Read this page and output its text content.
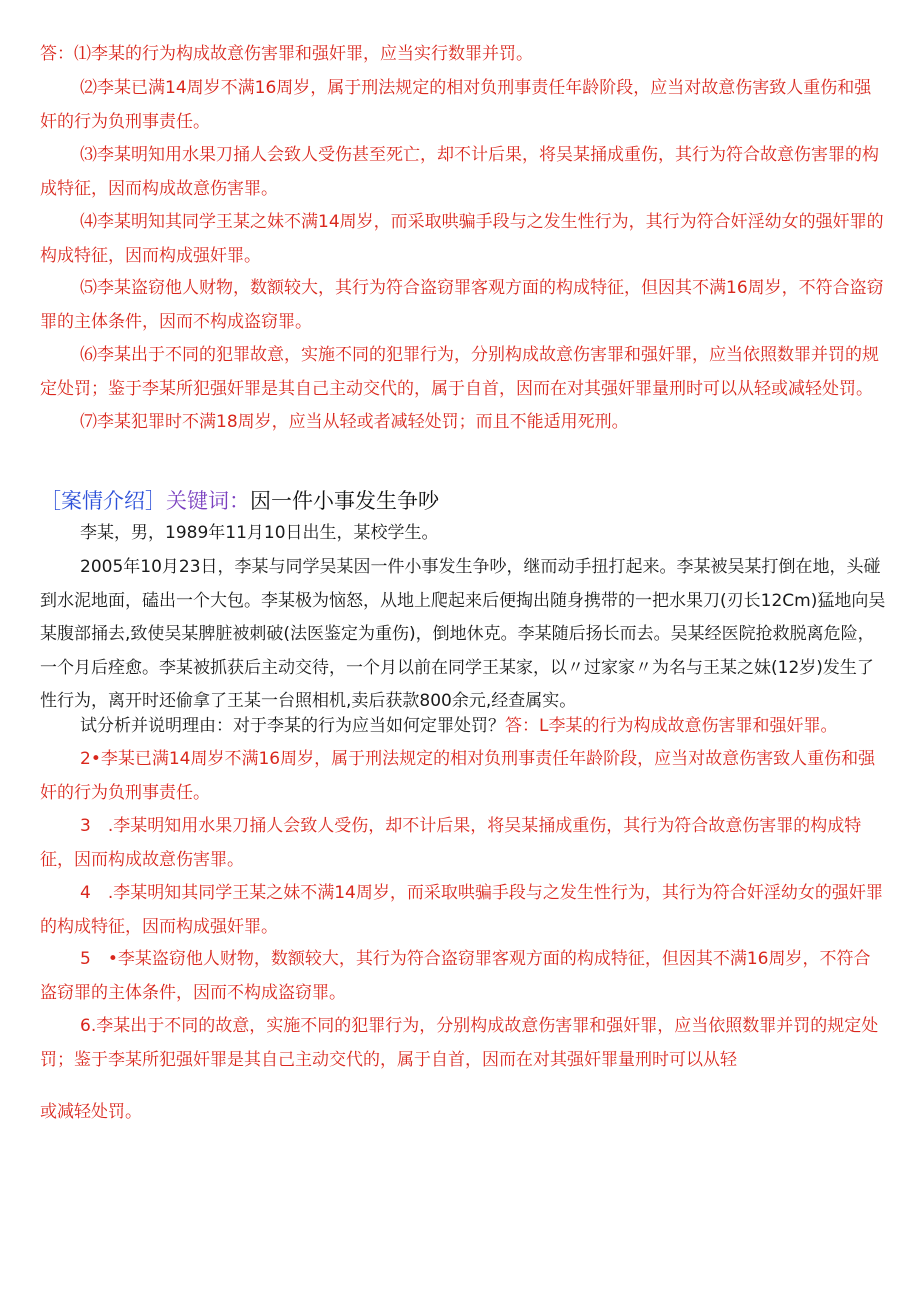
答：⑴李某的行为构成故意伤害罪和强奸罪，应当实行数罪并罚。

⑵李某已满14周岁不满16周岁，属于刑法规定的相对负刑事责任年龄阶段，应当对故意伤害致人重伤和强奸的行为负刑事责任。

⑶李某明知用水果刀捅人会致人受伤甚至死亡，却不计后果，将吴某捅成重伤，其行为符合故意伤害罪的构成特征，因而构成故意伤害罪。

⑷李某明知其同学王某之妹不满14周岁，而采取哄骗手段与之发生性行为，其行为符合奸淫幼女的强奸罪的构成特征，因而构成强奸罪。

⑸李某盗窃他人财物，数额较大，其行为符合盗窃罪客观方面的构成特征，但因其不满16周岁，不符合盗窃罪的主体条件，因而不构成盗窃罪。

⑹李某出于不同的犯罪故意，实施不同的犯罪行为，分别构成故意伤害罪和强奸罪，应当依照数罪并罚的规定处罚；鉴于李某所犯强奸罪是其自己主动交代的，属于自首，因而在对其强奸罪量刑时可以从轻或减轻处罚。

⑺李某犯罪时不满18周岁，应当从轻或者减轻处罚；而且不能适用死刑。

［案情介绍］关键词：因一件小事发生争吵

李某，男，1989年11月10日出生，某校学生。

2005年10月23日，李某与同学吴某因一件小事发生争吵，继而动手扭打起来。李某被吴某打倒在地，头碰到水泥地面，磕出一个大包。李某极为恼怒，从地上爬起来后便掏出随身携带的一把水果刀(刃长12Cm)猛地向吴某腹部捅去,致使吴某脾脏被刺破(法医鉴定为重伤)，倒地休克。李某随后扬长而去。吴某经医院抢救脱离危险，一个月后痊愈。李某被抓获后主动交待，一个月以前在同学王某家，以〃过家家〃为名与王某之妹(12岁)发生了性行为，离开时还偷拿了王某一台照相机,卖后获款800余元,经查属实。

试分析并说明理由：对于李某的行为应当如何定罪处罚？答：L李某的行为构成故意伤害罪和强奸罪。

2•李某已满14周岁不满16周岁，属于刑法规定的相对负刑事责任年龄阶段，应当对故意伤害致人重伤和强奸的行为负刑事责任。

3　.李某明知用水果刀捅人会致人受伤，却不计后果，将吴某捅成重伤，其行为符合故意伤害罪的构成特征，因而构成故意伤害罪。

4　.李某明知其同学王某之妹不满14周岁，而采取哄骗手段与之发生性行为，其行为符合奸淫幼女的强奸罪的构成特征，因而构成强奸罪。

5　•李某盗窃他人财物，数额较大，其行为符合盗窃罪客观方面的构成特征，但因其不满16周岁，不符合盗窃罪的主体条件，因而不构成盗窃罪。

6.李某出于不同的故意，实施不同的犯罪行为，分别构成故意伤害罪和强奸罪，应当依照数罪并罚的规定处罚；鉴于李某所犯强奸罪是其自己主动交代的，属于自首，因而在对其强奸罪量刑时可以从轻

或减轻处罚。
